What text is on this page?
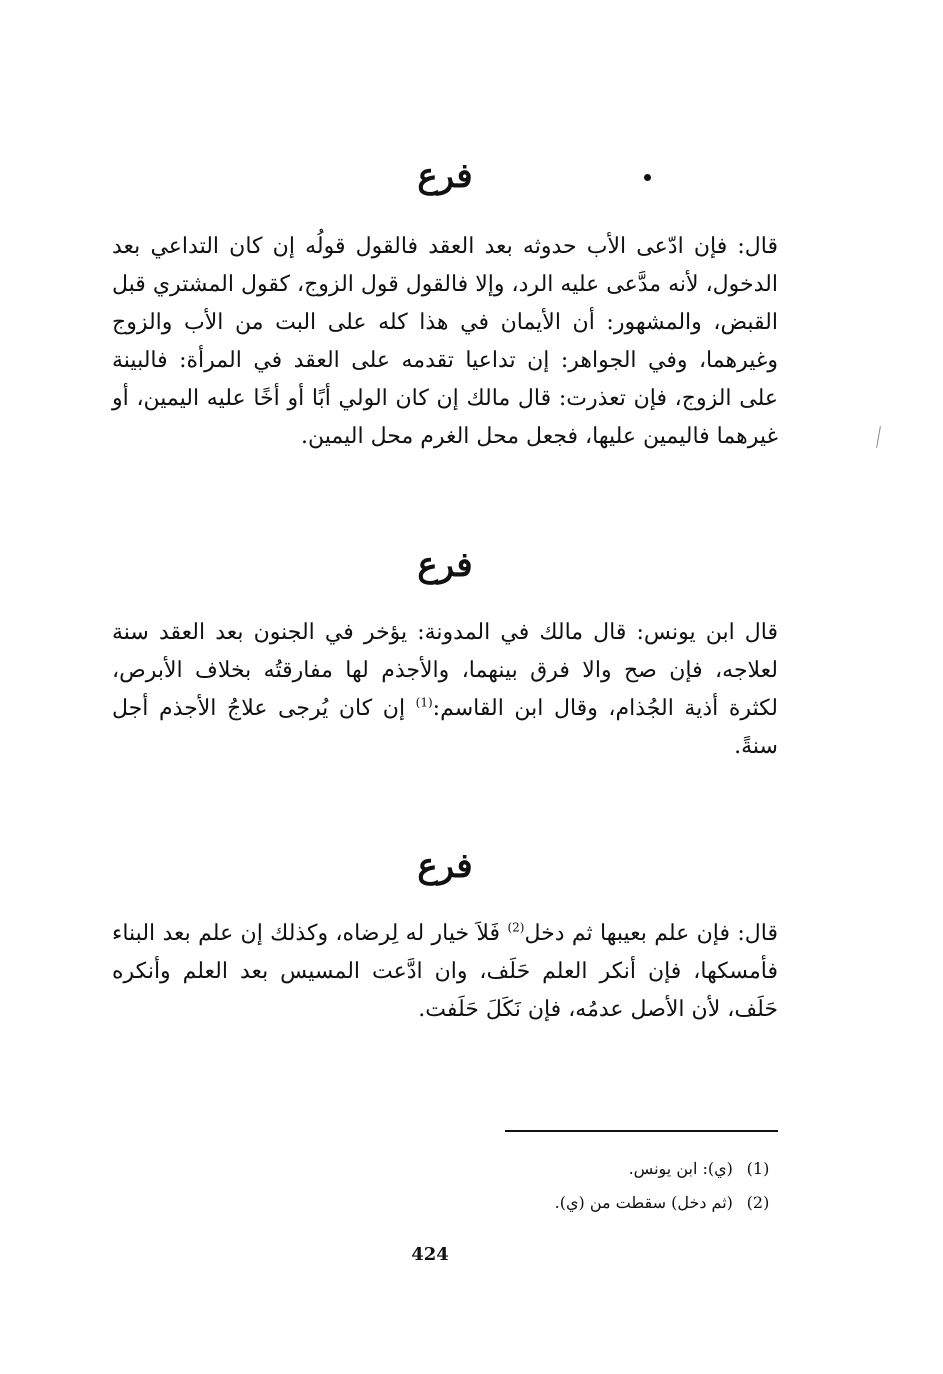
فرع
قال: فإن ادّعى الأب حدوثه بعد العقد فالقول قولُه إن كان التداعي بعد الدخول، لأنه مدَّعى عليه الرد، وإلا فالقول قول الزوج، كقول المشتري قبل القبض، والمشهور: أن الأيمان في هذا كله على البت من الأب والزوج وغيرهما، وفي الجواهر: إن تداعيا تقدمه على العقد في المرأة: فالبينة على الزوج، فإن تعذرت: قال مالك إن كان الولي أبًا أو أخًا عليه اليمين، أو غيرهما فاليمين عليها، فجعل محل الغرم محل اليمين.
فرع
قال ابن يونس: قال مالك في المدونة: يؤخر في الجنون بعد العقد سنة لعلاجه، فإن صح والا فرق بينهما، والأجذم لها مفارقتُه بخلاف الأبرص، لكثرة أذية الجُذام، وقال ابن القاسم:$^{(1)}$ إن كان يُرجى علاجُ الأجذم أجل سنةً.
فرع
قال: فإن علم بعيبها ثم دخل$^{(2)}$ فَلاَ خيار له لِرضاه، وكذلك إن علم بعد البناء فأمسكها، فإن أنكر العلم حَلَف، وان ادَّعت المسيس بعد العلم وأنكره حَلَف، لأن الأصل عدمُه، فإن نَكَلَ حَلَفت.
(1) (ي): ابن يونس.
(2) (ثم دخل) سقطت من (ي).
424
